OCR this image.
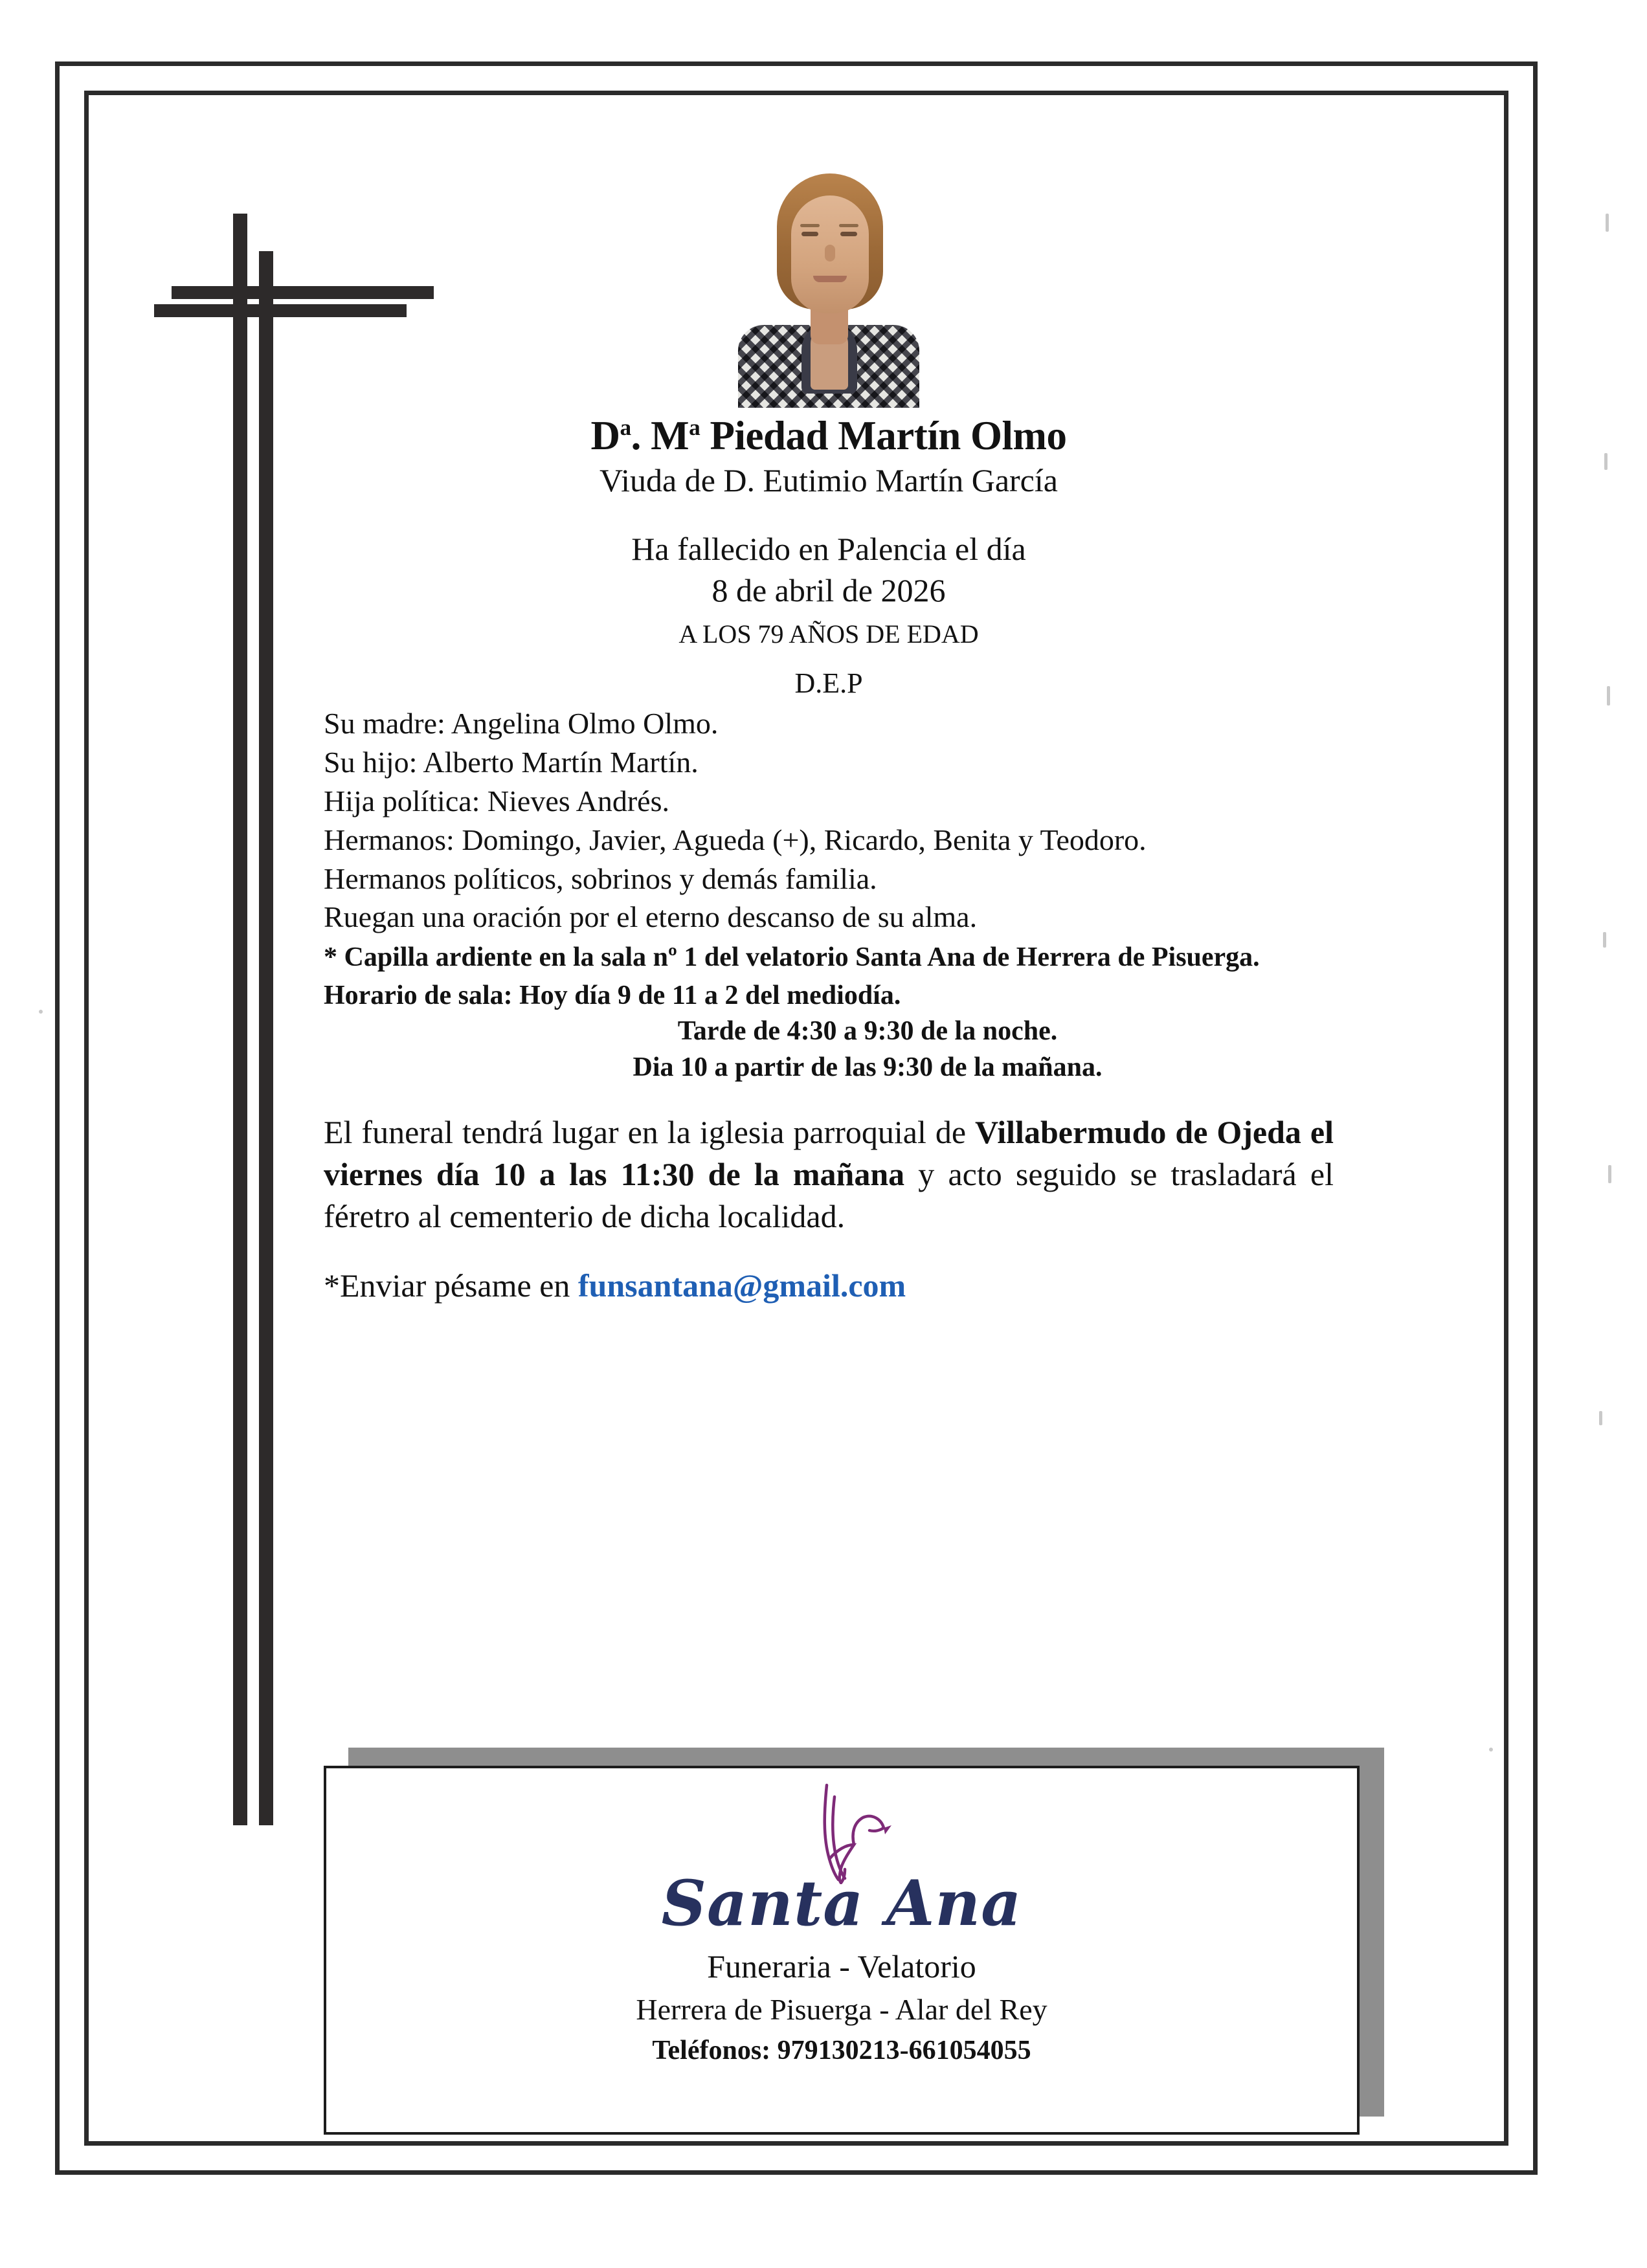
$D^a$. $M^a$ Piedad Martín Olmo
Viuda de D. Eutimio Martín García
Ha fallecido en Palencia el día
8 de abril de 2026
A LOS 79 AÑOS DE EDAD
D.E.P
Su madre: Angelina Olmo Olmo.
Su hijo: Alberto Martín Martín.
Hija política: Nieves Andrés.
Hermanos: Domingo, Javier, Agueda (+), Ricardo, Benita y Teodoro.
Hermanos políticos, sobrinos y demás familia.
Ruegan una oración por el eterno descanso de su alma.
* Capilla ardiente en la sala nº 1 del velatorio Santa Ana de Herrera de Pisuerga.
Horario de sala: Hoy día 9 de 11 a 2 del mediodía.
Tarde de 4:30 a 9:30 de la noche.
Dia 10 a partir de las 9:30 de la mañana.
El funeral tendrá lugar en la iglesia parroquial de Villabermudo de Ojeda el viernes día 10 a las 11:30 de la mañana y acto seguido se trasladará el féretro al cementerio de dicha localidad.
*Enviar pésame en funsantana@gmail.com
Santa Ana
Funeraria - Velatorio
Herrera de Pisuerga - Alar del Rey
Teléfonos: 979130213-661054055
